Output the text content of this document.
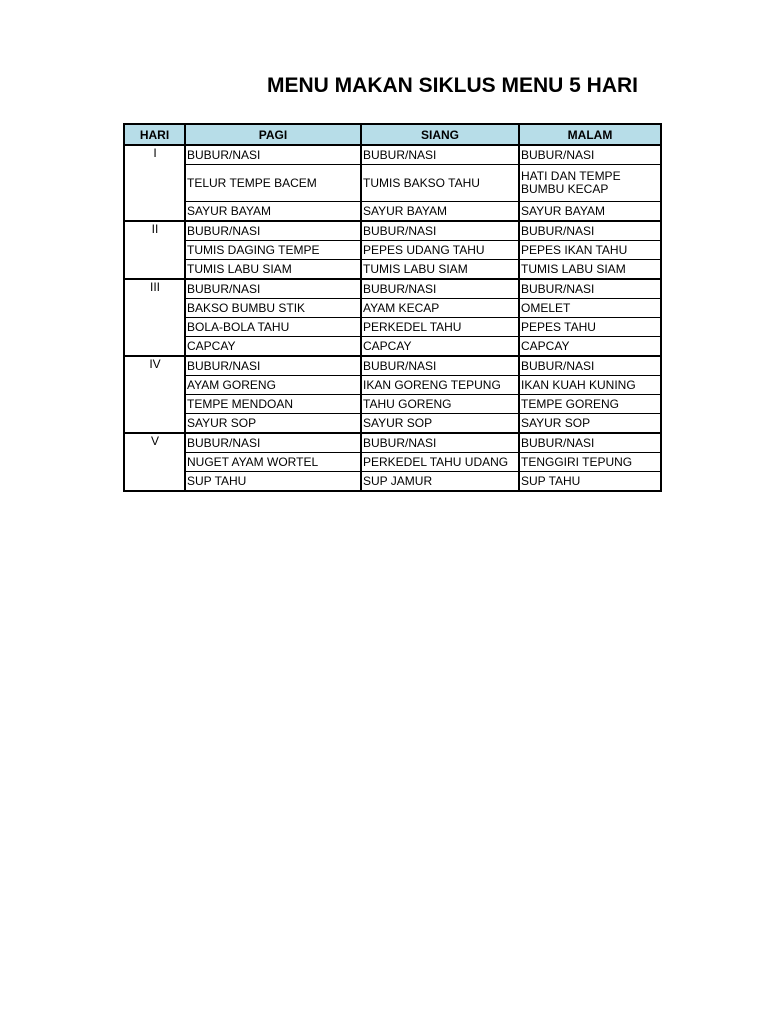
MENU MAKAN SIKLUS MENU 5 HARI
HARI	PAGI	SIANG	MALAM
I	BUBUR/NASI	BUBUR/NASI	BUBUR/NASI
	TELUR TEMPE BACEM	TUMIS BAKSO TAHU	HATI DAN TEMPE BUMBU KECAP
	SAYUR BAYAM	SAYUR BAYAM	SAYUR BAYAM
II	BUBUR/NASI	BUBUR/NASI	BUBUR/NASI
	TUMIS DAGING TEMPE	PEPES UDANG TAHU	PEPES IKAN TAHU
	TUMIS LABU SIAM	TUMIS LABU SIAM	TUMIS LABU SIAM
III	BUBUR/NASI	BUBUR/NASI	BUBUR/NASI
	BAKSO BUMBU STIK	AYAM KECAP	OMELET
	BOLA-BOLA TAHU	PERKEDEL TAHU	PEPES TAHU
	CAPCAY	CAPCAY	CAPCAY
IV	BUBUR/NASI	BUBUR/NASI	BUBUR/NASI
	AYAM GORENG	IKAN GORENG TEPUNG	IKAN KUAH KUNING
	TEMPE MENDOAN	TAHU GORENG	TEMPE GORENG
	SAYUR SOP	SAYUR SOP	SAYUR SOP
V	BUBUR/NASI	BUBUR/NASI	BUBUR/NASI
	NUGET AYAM WORTEL	PERKEDEL TAHU UDANG	TENGGIRI TEPUNG
	SUP TAHU	SUP JAMUR	SUP TAHU
